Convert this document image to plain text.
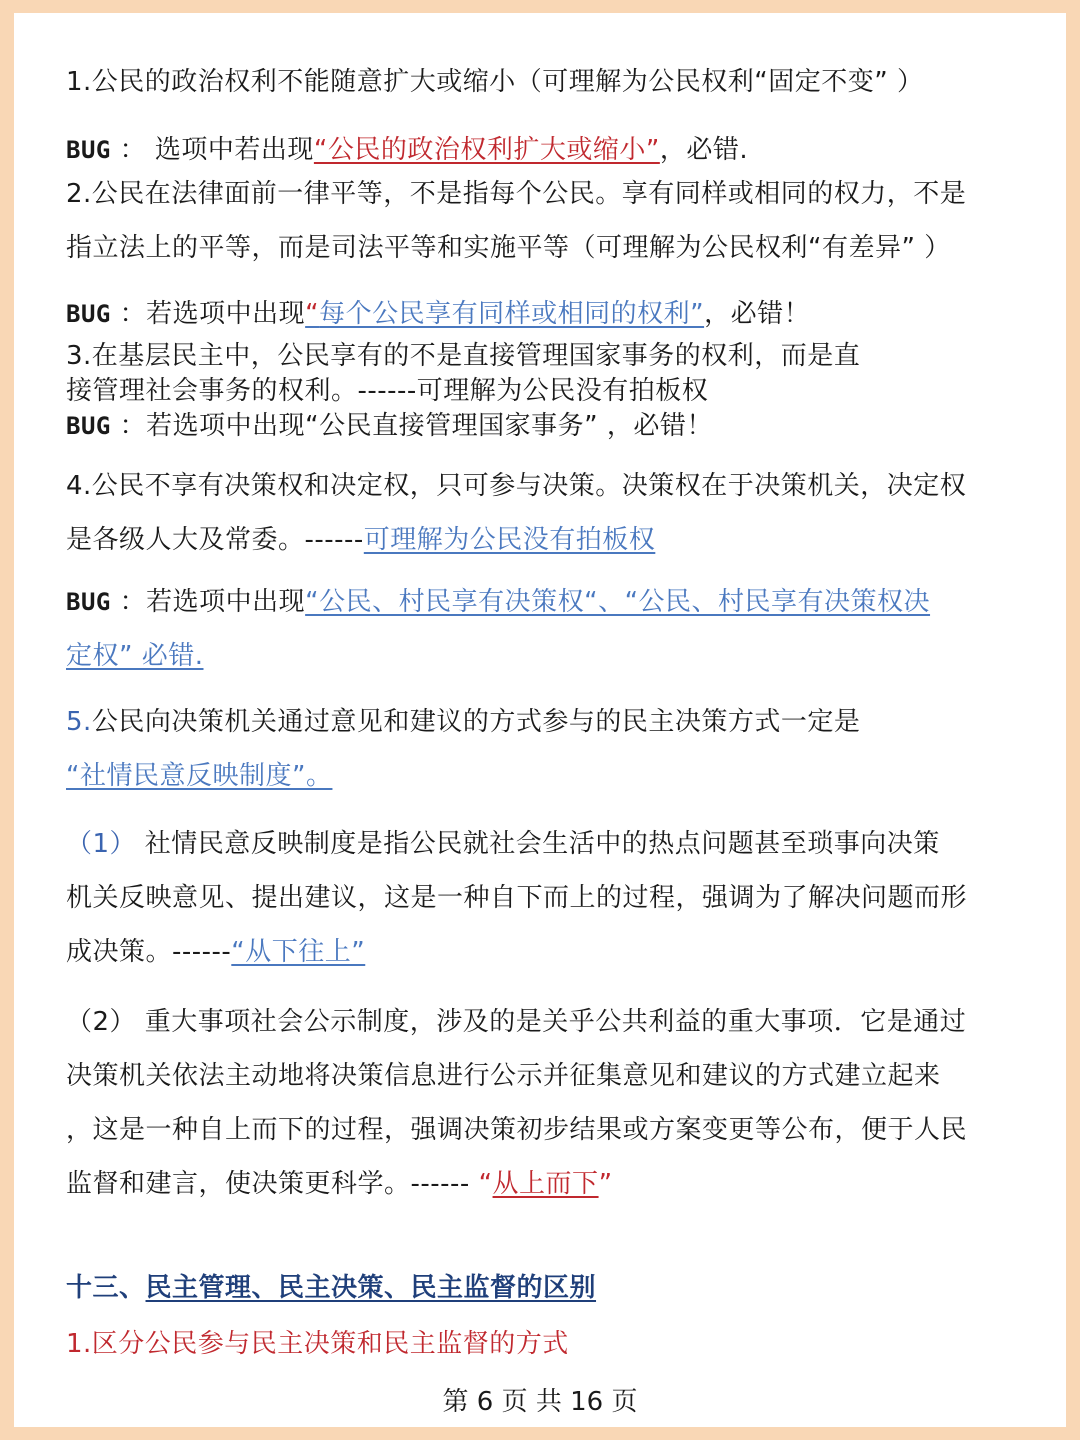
1.公民的政治权利不能随意扩大或缩小（可理解为公民权利“固定不变” ）
BUG ： 选项中若出现“公民的政治权利扩大或缩小”，必错.
2.公民在法律面前一律平等，不是指每个公民。享有同样或相同的权力，不是
指立法上的平等，而是司法平等和实施平等（可理解为公民权利“有差异” ）
BUG ：若选项中出现“每个公民享有同样或相同的权利”，必错！
3.在基层民主中，公民享有的不是直接管理国家事务的权利，而是直
接管理社会事务的权利。------可理解为公民没有拍板权
BUG ：若选项中出现“公民直接管理国家事务” ，必错！
4.公民不享有决策权和决定权，只可参与决策。决策权在于决策机关，决定权
是各级人大及常委。------可理解为公民没有拍板权
BUG ：若选项中出现“公民、村民享有决策权“、“公民、村民享有决策权决
定权” 必错.
5.公民向决策机关通过意见和建议的方式参与的民主决策方式一定是
“社情民意反映制度”。
（1） 社情民意反映制度是指公民就社会生活中的热点问题甚至琐事向决策
机关反映意见、提出建议，这是一种自下而上的过程，强调为了解决问题而形
成决策。------“从下往上”
（2） 重大事项社会公示制度，涉及的是关乎公共利益的重大事项．它是通过
决策机关依法主动地将决策信息进行公示并征集意见和建议的方式建立起来
，这是一种自上而下的过程，强调决策初步结果或方案变更等公布，便于人民
监督和建言，使决策更科学。------ “从上而下”
十三、民主管理、民主决策、民主监督的区别
1.区分公民参与民主决策和民主监督的方式
第 6 页 共 16 页
